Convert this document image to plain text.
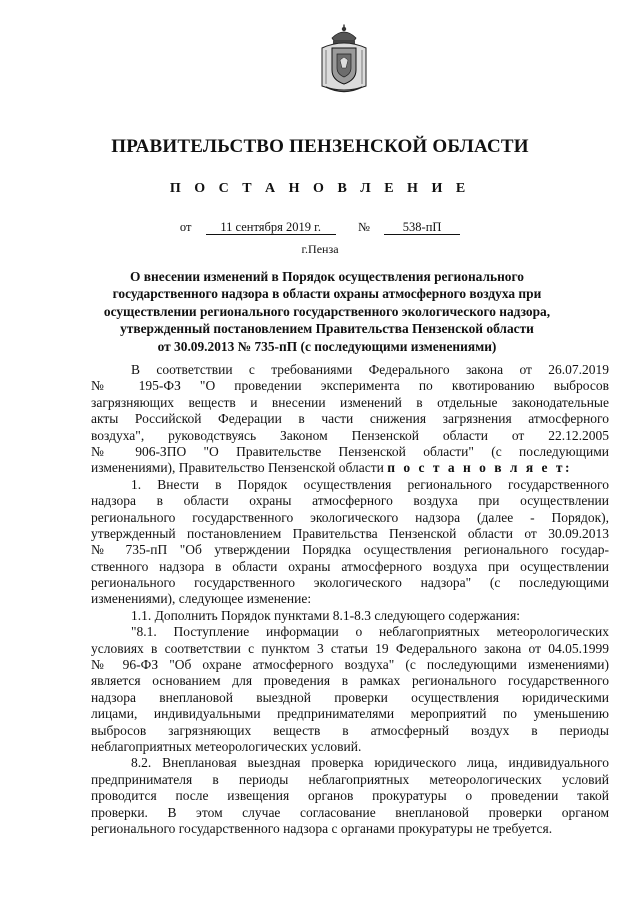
ПРАВИТЕЛЬСТВО ПЕНЗЕНСКОЙ ОБЛАСТИ
П О С Т А Н О В Л Е Н И Е
от 11 сентября 2019 г.	№	538-пП
г.Пенза
О внесении изменений в Порядок осуществления регионального
государственного надзора в области охраны атмосферного воздуха при
осуществлении регионального государственного экологического надзора,
утвержденный постановлением Правительства Пензенской области
от 30.09.2013 № 735-пП (с последующими изменениями)
В соответствии с требованиями Федерального закона от 26.07.2019
№ 195-ФЗ "О проведении эксперимента по квотированию выбросов
загрязняющих веществ и внесении изменений в отдельные законодательные
акты Российской Федерации в части снижения загрязнения атмосферного
воздуха", руководствуясь Законом Пензенской области от 22.12.2005
№ 906-ЗПО "О Правительстве Пензенской области" (с последующими
изменениями), Правительство Пензенской области п о с т а н о в л я е т:
1. Внести в Порядок осуществления регионального государственного
надзора в области охраны атмосферного воздуха при осуществлении
регионального государственного экологического надзора (далее - Порядок),
утвержденный постановлением Правительства Пензенской области от 30.09.2013
№ 735-пП "Об утверждении Порядка осуществления регионального государ-
ственного надзора в области охраны атмосферного воздуха при осуществлении
регионального государственного экологического надзора" (с последующими
изменениями), следующее изменение:
1.1. Дополнить Порядок пунктами 8.1-8.3 следующего содержания:
"8.1. Поступление информации о неблагоприятных метеорологических
условиях в соответствии с пунктом 3 статьи 19 Федерального закона от 04.05.1999
№ 96-ФЗ "Об охране атмосферного воздуха" (с последующими изменениями)
является основанием для проведения в рамках регионального государственного
надзора внеплановой выездной проверки осуществления юридическими
лицами, индивидуальными предпринимателями мероприятий по уменьшению
выбросов загрязняющих веществ в атмосферный воздух в периоды
неблагоприятных метеорологических условий.
8.2. Внеплановая выездная проверка юридического лица, индивидуального
предпринимателя в периоды неблагоприятных метеорологических условий
проводится после извещения органов прокуратуры о проведении такой
проверки. В этом случае согласование внеплановой проверки органом
регионального государственного надзора с органами прокуратуры не требуется.
